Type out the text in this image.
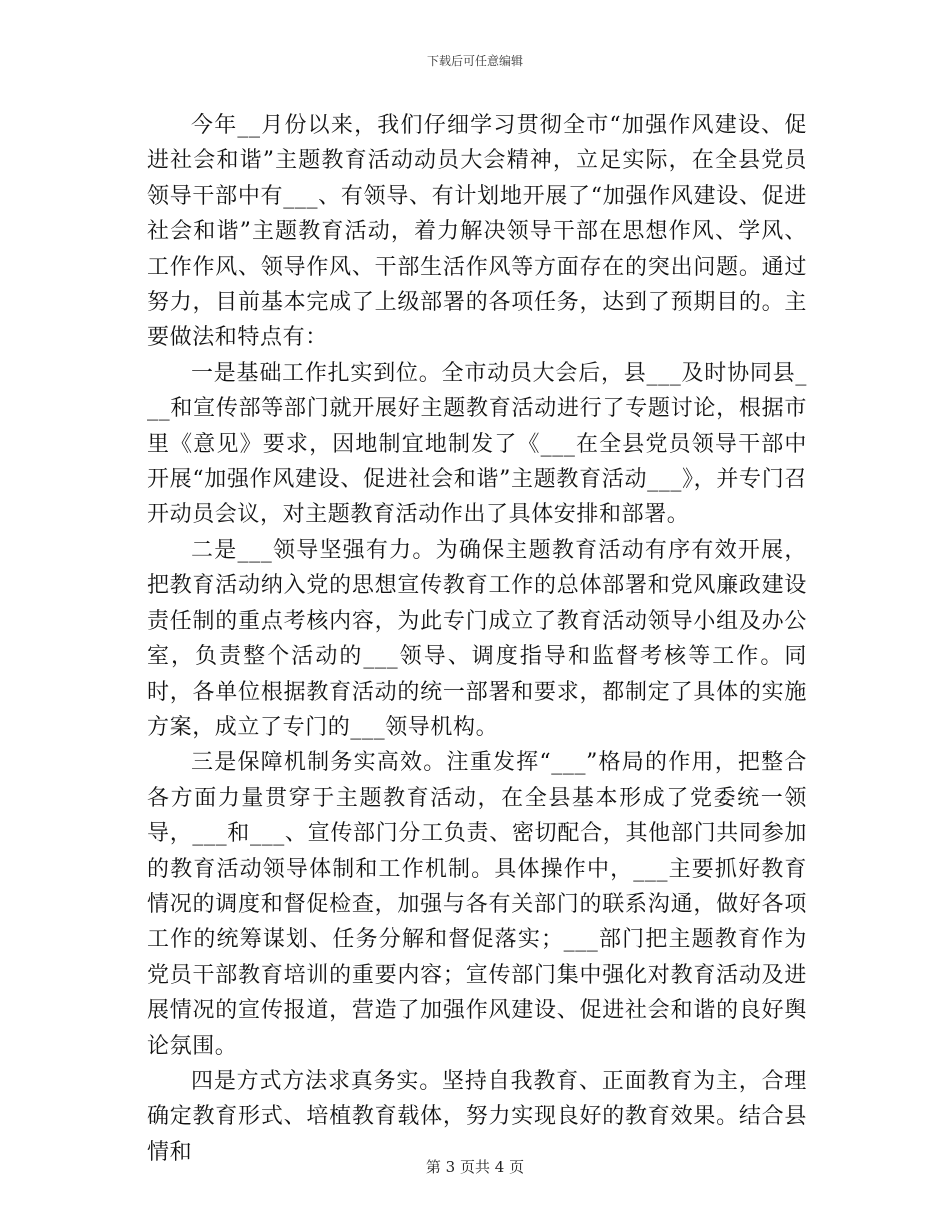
下载后可任意编辑

今年__月份以来，我们仔细学习贯彻全市“加强作风建设、促进社会和谐”主题教育活动动员大会精神，立足实际，在全县党员领导干部中有___、有领导、有计划地开展了“加强作风建设、促进社会和谐”主题教育活动，着力解决领导干部在思想作风、学风、工作作风、领导作风、干部生活作风等方面存在的突出问题。通过努力，目前基本完成了上级部署的各项任务，达到了预期目的。主要做法和特点有：

一是基础工作扎实到位。全市动员大会后，县___及时协同县___和宣传部等部门就开展好主题教育活动进行了专题讨论，根据市里《意见》要求，因地制宜地制发了《___在全县党员领导干部中开展“加强作风建设、促进社会和谐”主题教育活动___》，并专门召开动员会议，对主题教育活动作出了具体安排和部署。

二是___领导坚强有力。为确保主题教育活动有序有效开展，把教育活动纳入党的思想宣传教育工作的总体部署和党风廉政建设责任制的重点考核内容，为此专门成立了教育活动领导小组及办公室，负责整个活动的___领导、调度指导和监督考核等工作。同时，各单位根据教育活动的统一部署和要求，都制定了具体的实施方案，成立了专门的___领导机构。

三是保障机制务实高效。注重发挥“___”格局的作用，把整合各方面力量贯穿于主题教育活动，在全县基本形成了党委统一领导，___和___、宣传部门分工负责、密切配合，其他部门共同参加的教育活动领导体制和工作机制。具体操作中，___主要抓好教育情况的调度和督促检查，加强与各有关部门的联系沟通，做好各项工作的统筹谋划、任务分解和督促落实；___部门把主题教育作为党员干部教育培训的重要内容；宣传部门集中强化对教育活动及进展情况的宣传报道，营造了加强作风建设、促进社会和谐的良好舆论氛围。

四是方式方法求真务实。坚持自我教育、正面教育为主，合理确定教育形式、培植教育载体，努力实现良好的教育效果。结合县情和

第 3 页共 4 页
